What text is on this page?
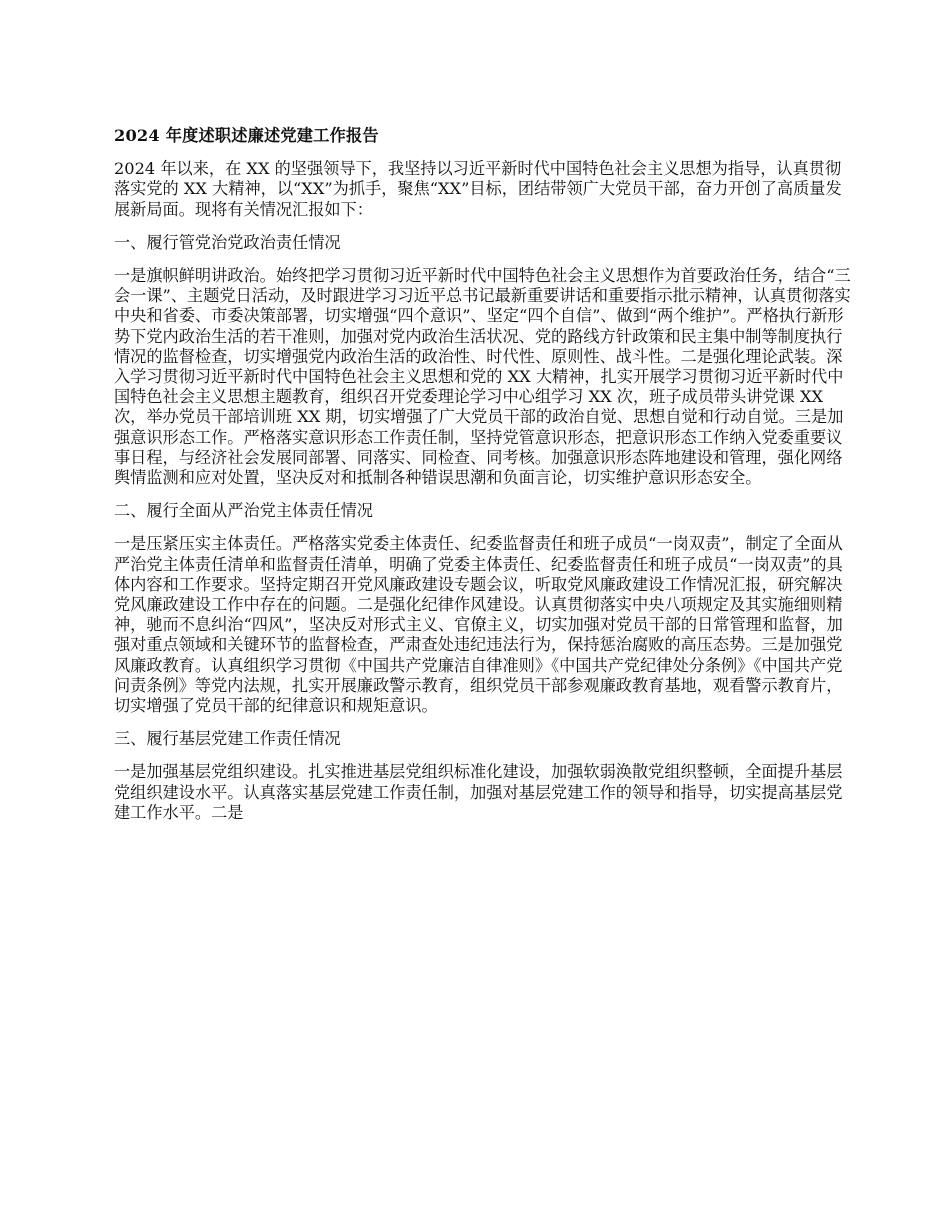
2024 年度述职述廉述党建工作报告
2024 年以来，在 XX 的坚强领导下，我坚持以习近平新时代中国特色社会主义思想为指导，认真贯彻落实党的 XX 大精神，以“XX”为抓手，聚焦“XX”目标，团结带领广大党员干部，奋力开创了高质量发展新局面。现将有关情况汇报如下：
一、履行管党治党政治责任情况
一是旗帜鲜明讲政治。始终把学习贯彻习近平新时代中国特色社会主义思想作为首要政治任务，结合“三会一课”、主题党日活动，及时跟进学习习近平总书记最新重要讲话和重要指示批示精神，认真贯彻落实中央和省委、市委决策部署，切实增强“四个意识”、坚定“四个自信”、做到“两个维护”。严格执行新形势下党内政治生活的若干准则，加强对党内政治生活状况、党的路线方针政策和民主集中制等制度执行情况的监督检查，切实增强党内政治生活的政治性、时代性、原则性、战斗性。二是强化理论武装。深入学习贯彻习近平新时代中国特色社会主义思想和党的 XX 大精神，扎实开展学习贯彻习近平新时代中国特色社会主义思想主题教育，组织召开党委理论学习中心组学习 XX 次，班子成员带头讲党课 XX 次，举办党员干部培训班 XX 期，切实增强了广大党员干部的政治自觉、思想自觉和行动自觉。三是加强意识形态工作。严格落实意识形态工作责任制，坚持党管意识形态，把意识形态工作纳入党委重要议事日程，与经济社会发展同部署、同落实、同检查、同考核。加强意识形态阵地建设和管理，强化网络舆情监测和应对处置，坚决反对和抵制各种错误思潮和负面言论，切实维护意识形态安全。
二、履行全面从严治党主体责任情况
一是压紧压实主体责任。严格落实党委主体责任、纪委监督责任和班子成员“一岗双责”，制定了全面从严治党主体责任清单和监督责任清单，明确了党委主体责任、纪委监督责任和班子成员“一岗双责”的具体内容和工作要求。坚持定期召开党风廉政建设专题会议，听取党风廉政建设工作情况汇报，研究解决党风廉政建设工作中存在的问题。二是强化纪律作风建设。认真贯彻落实中央八项规定及其实施细则精神，驰而不息纠治“四风”，坚决反对形式主义、官僚主义，切实加强对党员干部的日常管理和监督，加强对重点领域和关键环节的监督检查，严肃查处违纪违法行为，保持惩治腐败的高压态势。三是加强党风廉政教育。认真组织学习贯彻《中国共产党廉洁自律准则》《中国共产党纪律处分条例》《中国共产党问责条例》等党内法规，扎实开展廉政警示教育，组织党员干部参观廉政教育基地，观看警示教育片，切实增强了党员干部的纪律意识和规矩意识。
三、履行基层党建工作责任情况
一是加强基层党组织建设。扎实推进基层党组织标准化建设，加强软弱涣散党组织整顿，全面提升基层党组织建设水平。认真落实基层党建工作责任制，加强对基层党建工作的领导和指导，切实提高基层党建工作水平。二是
